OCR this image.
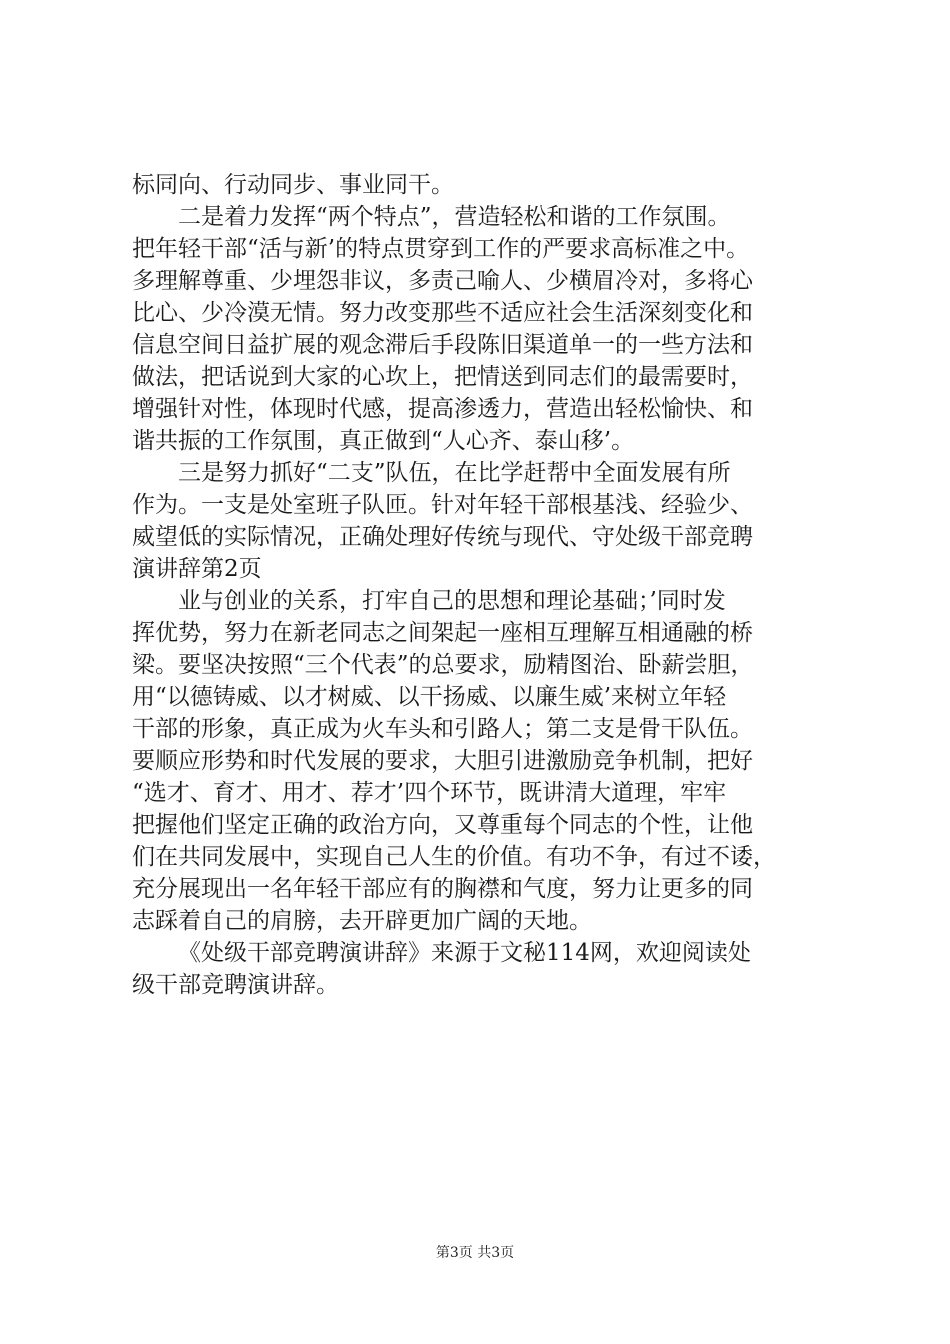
标同向、行动同步、事业同干。
二是着力发挥“两个特点”，营造轻松和谐的工作氛围。
把年轻干部“活与新’的特点贯穿到工作的严要求高标准之中。
多理解尊重、少埋怨非议，多责己喻人、少横眉冷对，多将心
比心、少冷漠无情。努力改变那些不适应社会生活深刻变化和
信息空间日益扩展的观念滞后手段陈旧渠道单一的一些方法和
做法，把话说到大家的心坎上，把情送到同志们的最需要时，
增强针对性，体现时代感，提高渗透力，营造出轻松愉快、和
谐共振的工作氛围，真正做到“人心齐、泰山移’。
三是努力抓好“二支”队伍，在比学赶帮中全面发展有所
作为。一支是处室班子队匝。针对年轻干部根基浅、经验少、
威望低的实际情况，正确处理好传统与现代、守处级干部竞聘
演讲辞第2页
业与创业的关系，打牢自己的思想和理论基础；’同时发
挥优势，努力在新老同志之间架起一座相互理解互相通融的桥
梁。要坚决按照“三个代表”的总要求，励精图治、卧薪尝胆，
用“以德铸威、以才树威、以干扬威、以廉生威’来树立年轻
干部的形象，真正成为火车头和引路人；第二支是骨干队伍。
要顺应形势和时代发展的要求，大胆引进激励竞争机制，把好
“选才、育才、用才、荐才’四个环节，既讲清大道理，牢牢
把握他们坚定正确的政治方向，又尊重每个同志的个性，让他
们在共同发展中，实现自己人生的价值。有功不争，有过不诿，
充分展现出一名年轻干部应有的胸襟和气度，努力让更多的同
志踩着自己的肩膀，去开辟更加广阔的天地。
《处级干部竞聘演讲辞》来源于文秘114网，欢迎阅读处
级干部竞聘演讲辞。
第3页 共3页
